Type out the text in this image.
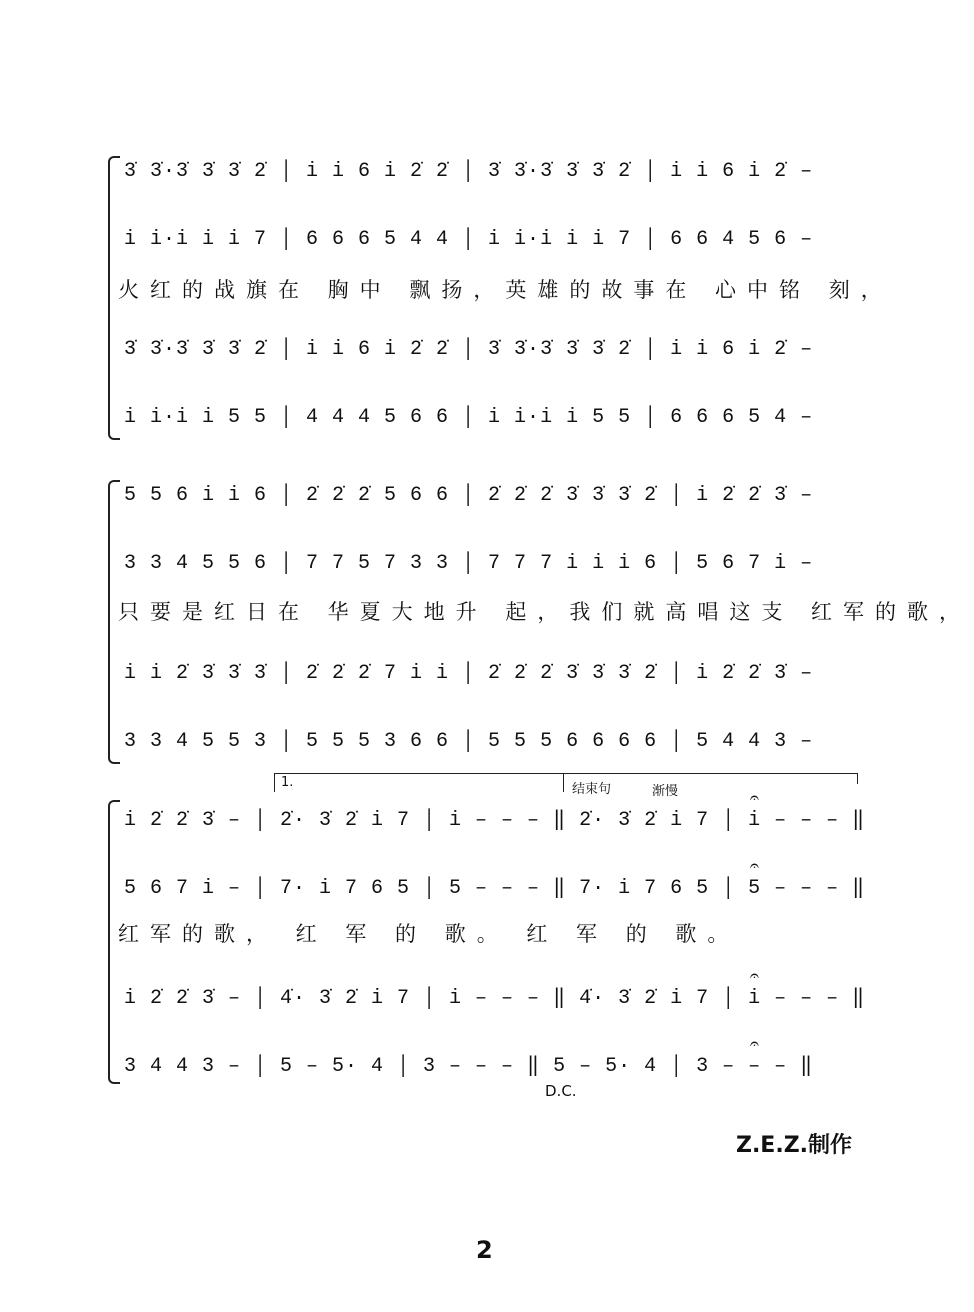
3̇ 3̇·3̇ 3̇ 3̇ 2̇ │ i i 6 i 2̇ 2̇ │ 3̇ 3̇·3̇ 3̇ 3̇ 2̇ │ i i 6 i 2̇ –
i i·i i i 7 │ 6 6 6 5 4 4 │ i i·i i i 7 │ 6 6 4 5 6 –
火红的战旗在 胸中 飘扬，英雄的故事在 心中铭 刻，
3̇ 3̇·3̇ 3̇ 3̇ 2̇ │ i i 6 i 2̇ 2̇ │ 3̇ 3̇·3̇ 3̇ 3̇ 2̇ │ i i 6 i 2̇ –
i i·i i 5 5 │ 4 4 4 5 6 6 │ i i·i i 5 5 │ 6 6 6 5 4 –
5 5 6 i i 6 │ 2̇ 2̇ 2̇ 5 6 6 │ 2̇ 2̇ 2̇ 3̇ 3̇ 3̇ 2̇ │ i 2̇ 2̇ 3̇ –
3 3 4 5 5 6 │ 7 7 5 7 3 3 │ 7 7 7 i i i 6 │ 5 6 7 i –
只要是红日在 华夏大地升 起，我们就高唱这支 红军的歌，
i i 2̇ 3̇ 3̇ 3̇ │ 2̇ 2̇ 2̇ 7 i i │ 2̇ 2̇ 2̇ 3̇ 3̇ 3̇ 2̇ │ i 2̇ 2̇ 3̇ –
3 3 4 5 5 3 │ 5 5 5 3 6 6 │ 5 5 5 6 6 6 6 │ 5 4 4 3 –
1.	结束句	渐慢
i 2̇ 2̇ 3̇ – │ 2̇· 3̇ 2̇ i 7 │ i – – – ‖ 2̇· 3̇ 2̇ i 7 │ i – – – ‖
5 6 7 i – │ 7· i 7 6 5 │ 5 – – – ‖ 7· i 7 6 5 │ 5 – – – ‖
红军的歌， 红 军 的 歌。 红 军 的 歌。
i 2̇ 2̇ 3̇ – │ 4̇· 3̇ 2̇ i 7 │ i – – – ‖ 4̇· 3̇ 2̇ i 7 │ i – – – ‖
3 4 4 3 – │ 5 – 5· 4 │ 3 – – – ‖ 5 – 5· 4 │ 3 – – – ‖
𝄐
𝄐
𝄐
𝄐
D.C.
Z.E.Z.制作
2
